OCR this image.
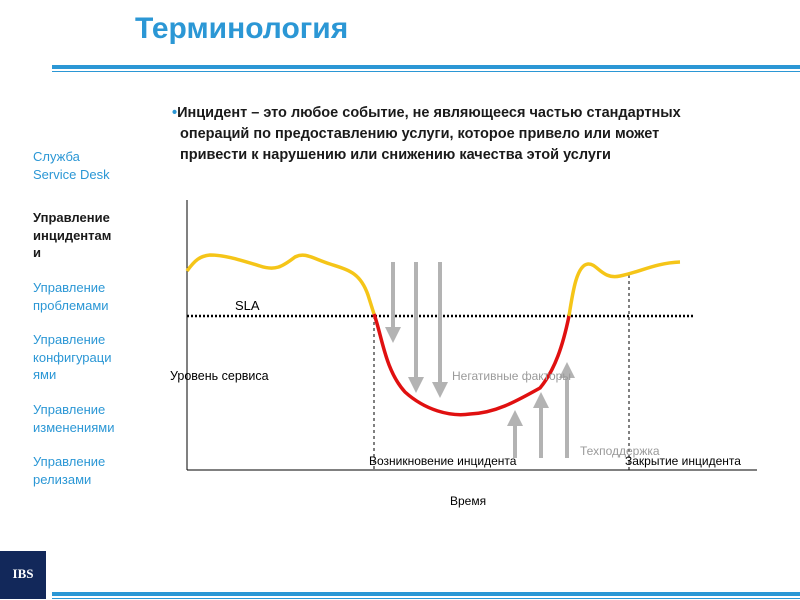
Терминология
Служба
Service Desk
Управление
инцидентам
и
Управление
проблемами
Управление
конфигураци
ями
Управление
изменениями
Управление
релизами
•Инцидент – это любое событие, не являющееся частью стандартных
операций по предоставлению услуги, которое привело или может
привести к нарушению или снижению качества этой услуги
SLA
Уровень сервиса	Негативные факторы
Техподдержка
Возникновение инцидента	Закрытие инцидента
Время
IBS
